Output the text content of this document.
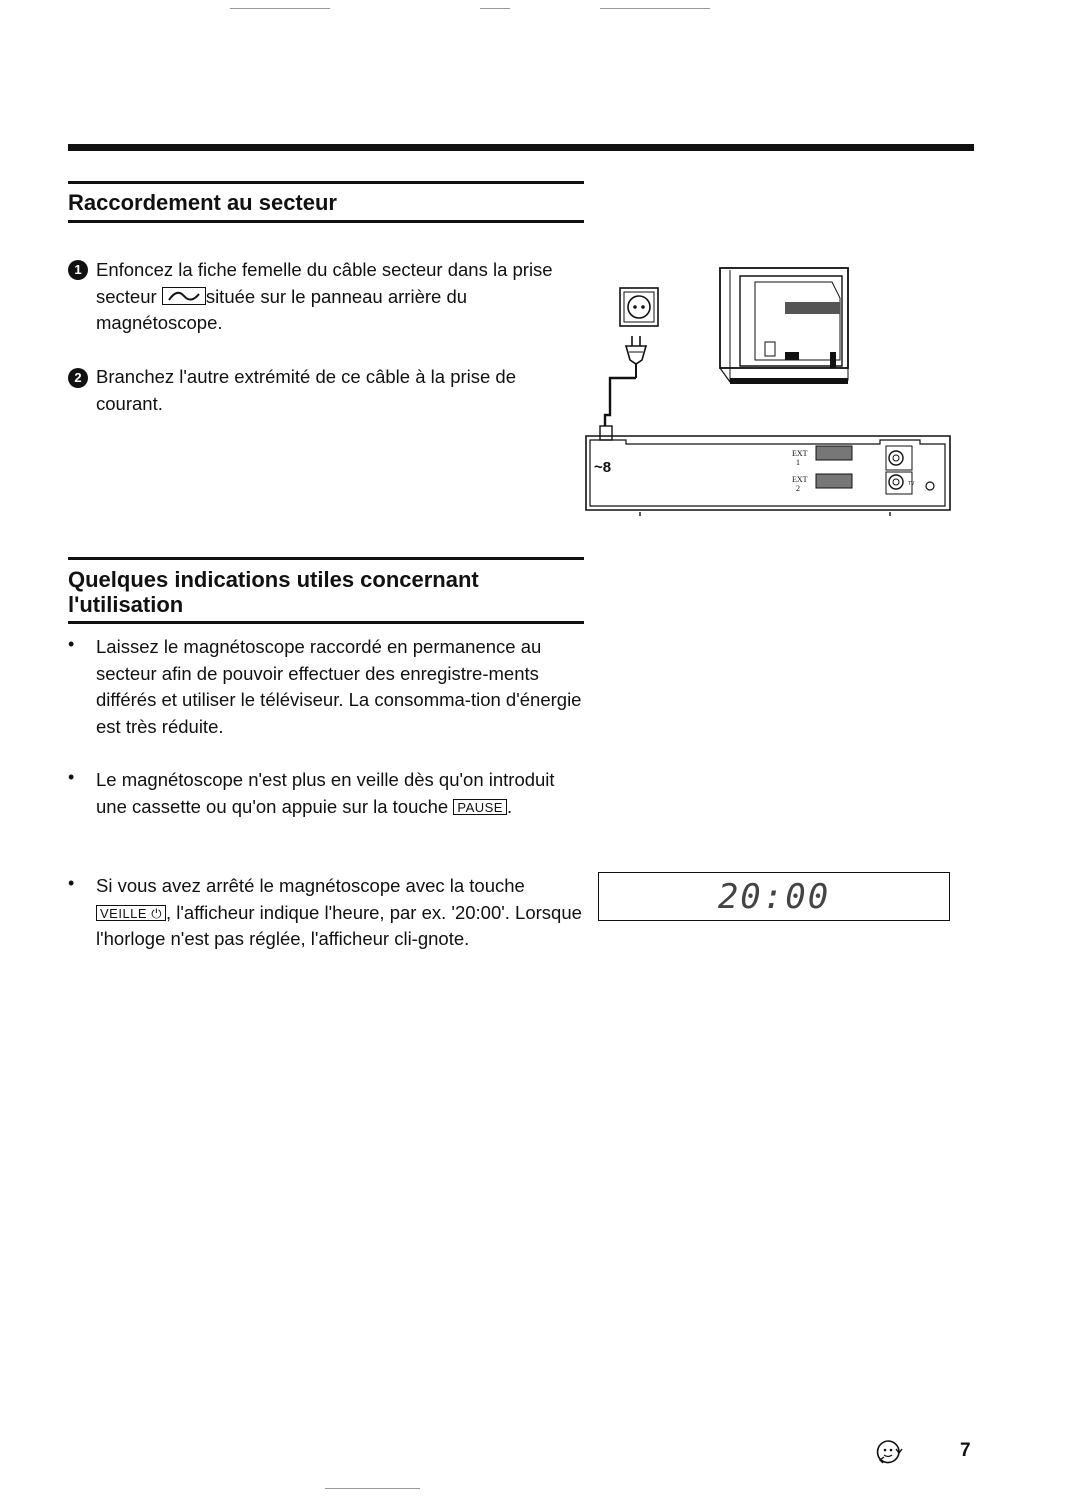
Raccordement au secteur
1 Enfoncez la fiche femelle du câble secteur dans la prise secteur
située sur le panneau arrière du magnétoscope.

2 Branchez l'autre extrémité de ce câble à la prise de courant.

~8
EXT
1
EXT
2	TV
Quelques indications utiles concernant
l'utilisation
• Laissez le magnétoscope raccordé en permanence au secteur afin de pouvoir effectuer des enregistre-ments différés et utiliser le téléviseur. La consomma-tion d'énergie est très réduite.

• Le magnétoscope n'est plus en veille dès qu'on introduit une cassette ou qu'on appuie sur la touche PAUSE .

• Si vous avez arrêté le magnétoscope avec la touche VEILLE ⏻ , l'afficheur indique l'heure, par ex. '20:00'. Lorsque l'horloge n'est pas réglée, l'afficheur cli-gnote.

20:00
7
